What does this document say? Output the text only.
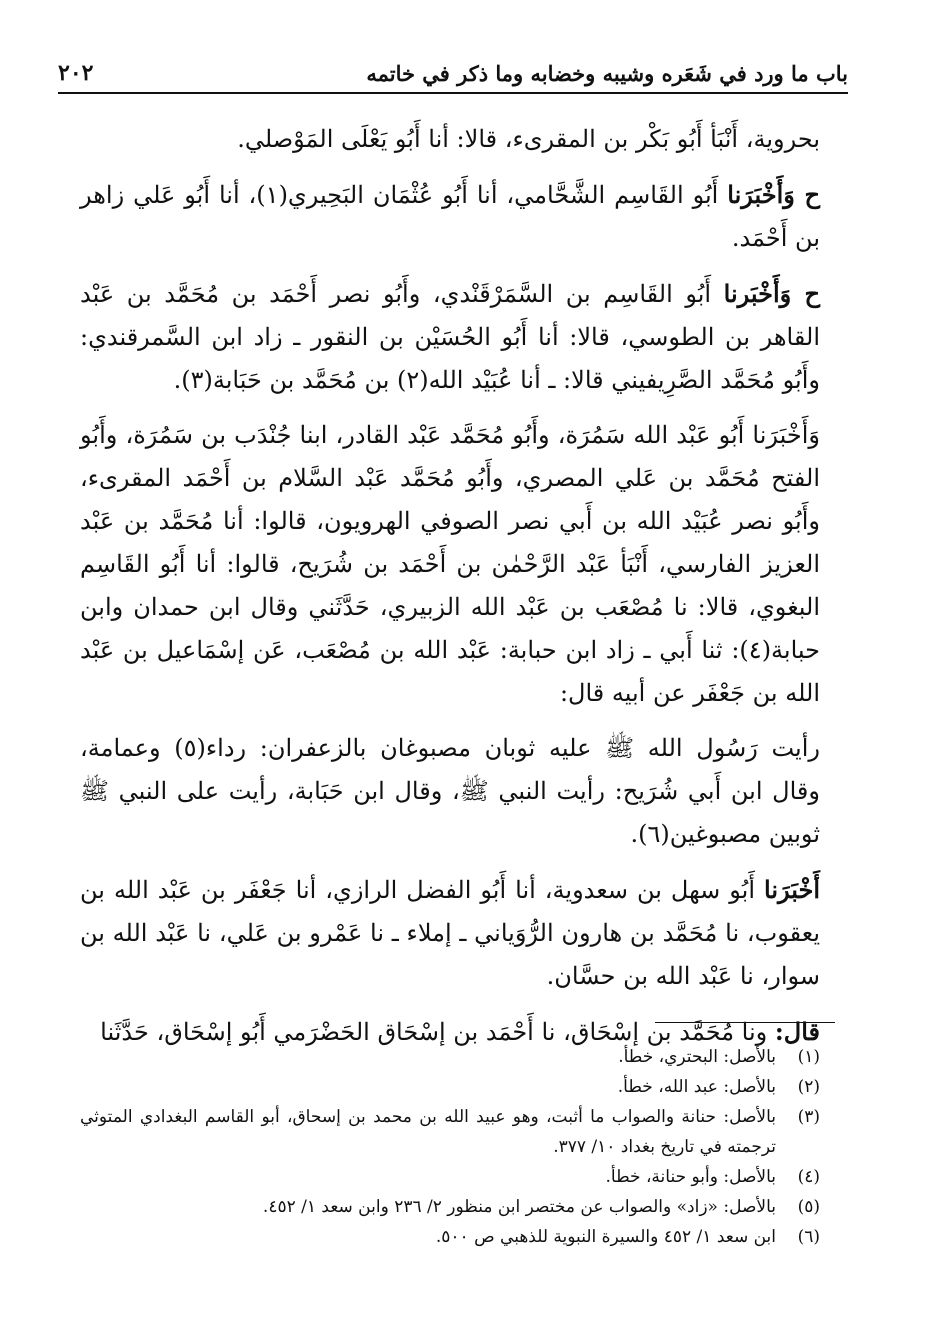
باب ما ورد في شَعَره وشيبه وخضابه وما ذكر في خاتمه
٢٠٢

بحروية، أَنْبَأ أَبُو بَكْر بن المقرىء، قالا: أنا أَبُو يَعْلَى المَوْصلي.

ح وَأَخْبَرَنا أَبُو القَاسِم الشَّحَّامي، أنا أَبُو عُثْمَان البَحِيري(١)، أنا أَبُو عَلي زاهر بن أَحْمَد.

ح وَأَخْبَرنا أَبُو القَاسِم بن السَّمَرْقَنْدي، وأَبُو نصر أَحْمَد بن مُحَمَّد بن عَبْد القاهر بن الطوسي، قالا: أنا أَبُو الحُسَيْن بن النقور ـ زاد ابن السَّمرقندي: وأَبُو مُحَمَّد الصَّرِيفيني قالا: ـ أنا عُبَيْد الله(٢) بن مُحَمَّد بن حَبَابة(٣).

وَأَخْبَرَنا أَبُو عَبْد الله سَمُرَة، وأَبُو مُحَمَّد عَبْد القادر، ابنا جُنْدَب بن سَمُرَة، وأَبُو الفتح مُحَمَّد بن عَلي المصري، وأَبُو مُحَمَّد عَبْد السَّلام بن أَحْمَد المقرىء، وأَبُو نصر عُبَيْد الله بن أَبي نصر الصوفي الهرويون، قالوا: أنا مُحَمَّد بن عَبْد العزيز الفارسي، أَنْبَأ عَبْد الرَّحْمٰن بن أَحْمَد بن شُرَيح، قالوا: أنا أَبُو القَاسِم البغوي، قالا: نا مُصْعَب بن عَبْد الله الزبيري، حَدَّثَني وقال ابن حمدان وابن حبابة(٤): ثنا أَبي ـ زاد ابن حبابة: عَبْد الله بن مُصْعَب، عَن إسْمَاعيل بن عَبْد الله بن جَعْفَر عن أبيه قال:

رأيت رَسُول الله ﷺ عليه ثوبان مصبوغان بالزعفران: رداء(٥) وعمامة، وقال ابن أَبي شُرَيح: رأيت النبي ﷺ، وقال ابن حَبَابة، رأيت على النبي ﷺ ثوبين مصبوغين(٦).

أَخْبَرَنا أَبُو سهل بن سعدوية، أنا أَبُو الفضل الرازي، أنا جَعْفَر بن عَبْد الله بن يعقوب، نا مُحَمَّد بن هارون الرُّوَياني ـ إملاء ـ نا عَمْرو بن عَلي، نا عَبْد الله بن سوار، نا عَبْد الله بن حسَّان.

قال: ونا مُحَمَّد بن إسْحَاق، نا أَحْمَد بن إسْحَاق الحَضْرَمي أَبُو إسْحَاق، حَدَّثَنا

(١)
بالأصل: البحتري، خطأ.
(٢)
بالأصل: عبد الله، خطأ.
(٣)
بالأصل: حنانة والصواب ما أثبت، وهو عبيد الله بن محمد بن إسحاق، أبو القاسم البغدادي المتوثي ترجمته في تاريخ بغداد ١٠/ ٣٧٧.
(٤)
بالأصل: وأبو حنانة، خطأ.
(٥)
بالأصل: «زاد» والصواب عن مختصر ابن منظور ٢/ ٢٣٦ وابن سعد ١/ ٤٥٢.
(٦)
ابن سعد ١/ ٤٥٢ والسيرة النبوية للذهبي ص ٥٠٠.
